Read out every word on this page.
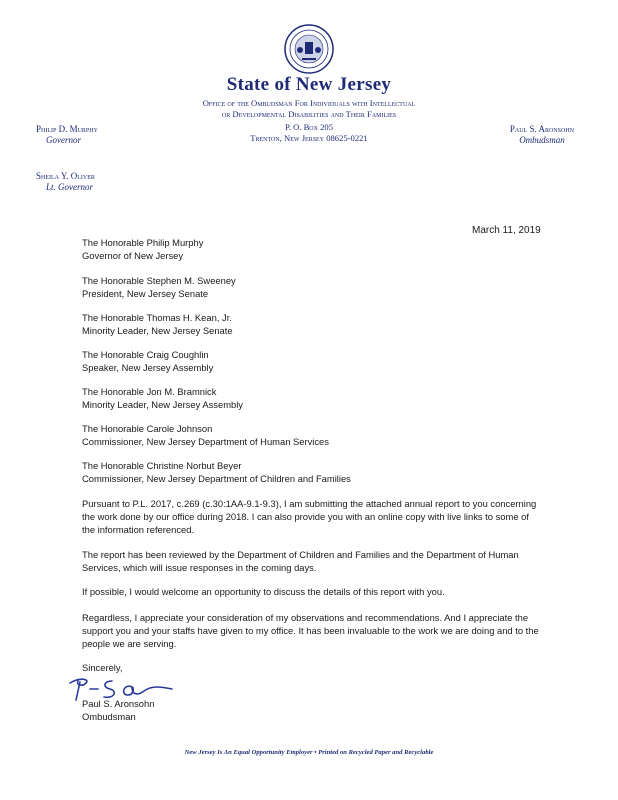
State of New Jersey
Office of the Ombudsman For Individuals with Intellectual
or Developmental Disabilities and Their Families
P. O. Box 205
Trenton, New Jersey 08625-0221
Philip D. Murphy
Governor
Sheila Y. Oliver
Lt. Governor
Paul S. Aronsohn
Ombudsman
March 11, 2019
The Honorable Philip Murphy
Governor of New Jersey
The Honorable Stephen M. Sweeney
President, New Jersey Senate
The Honorable Thomas H. Kean, Jr.
Minority Leader, New Jersey Senate
The Honorable Craig Coughlin
Speaker, New Jersey Assembly
The Honorable Jon M. Bramnick
Minority Leader, New Jersey Assembly
The Honorable Carole Johnson
Commissioner, New Jersey Department of Human Services
The Honorable Christine Norbut Beyer
Commissioner, New Jersey Department of Children and Families
Pursuant to P.L. 2017, c.269 (c.30:1AA-9.1-9.3), I am submitting the attached annual report to you concerning the work done by our office during 2018. I can also provide you with an online copy with live links to some of the information referenced.
The report has been reviewed by the Department of Children and Families and the Department of Human Services, which will issue responses in the coming days.
If possible, I would welcome an opportunity to discuss the details of this report with you.
Regardless, I appreciate your consideration of my observations and recommendations. And I appreciate the support you and your staffs have given to my office. It has been invaluable to the work we are doing and to the people we are serving.
Sincerely,
Paul S. Aronsohn
Ombudsman
New Jersey Is An Equal Opportunity Employer • Printed on Recycled Paper and Recyclable
